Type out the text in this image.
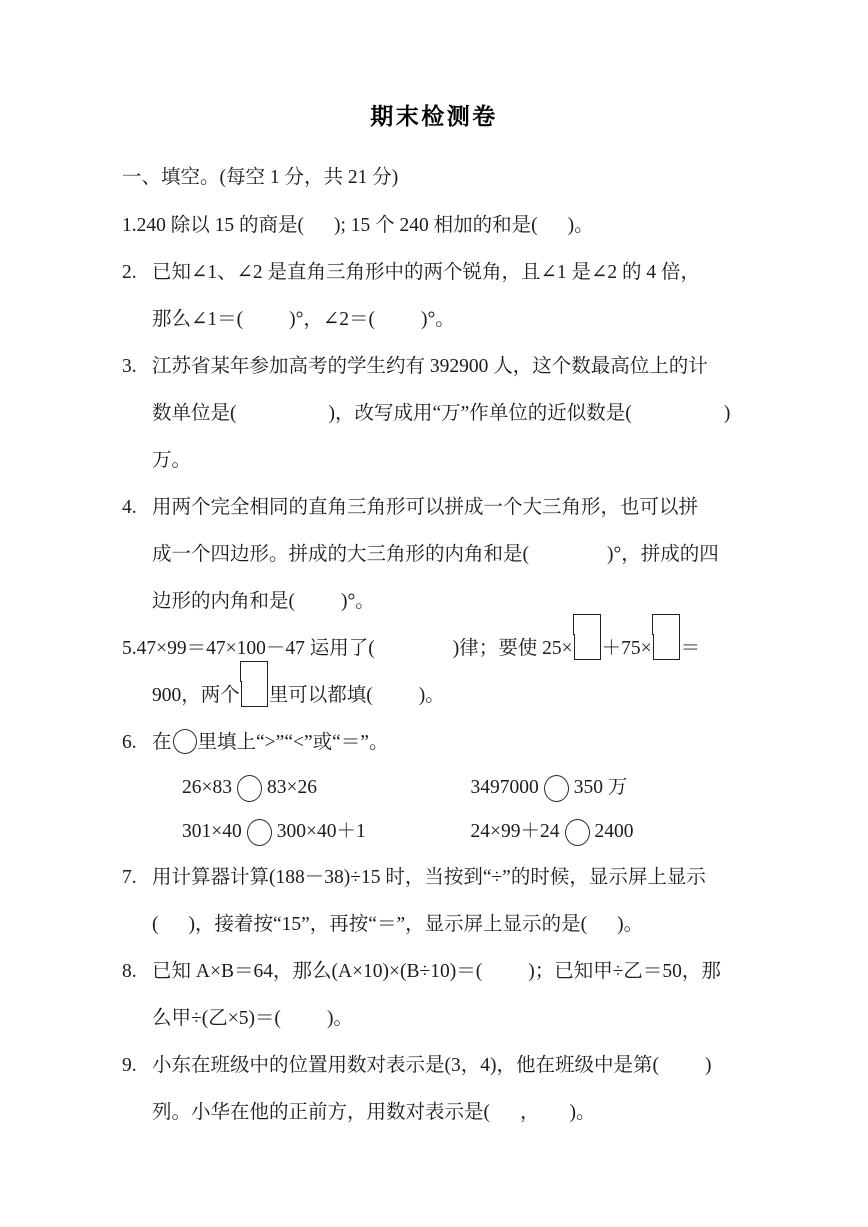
期末检测卷
一、填空。(每空 1 分，共 21 分)
1.240 除以 15 的商是( ); 15 个 240 相加的和是( )。
2. 已知∠1、∠2 是直角三角形中的两个锐角，且∠1 是∠2 的 4 倍，
那么∠1＝( )°，∠2＝( )°。
3. 江苏省某年参加高考的学生约有 392900 人，这个数最高位上的计
数单位是(	)，改写成用“万”作单位的近似数是(	)
万。
4. 用两个完全相同的直角三角形可以拼成一个大三角形，也可以拼
成一个四边形。拼成的大三角形的内角和是(	)°，拼成的四
边形的内角和是( )°。
5.47×99＝47×100－47 运用了(	)律；要使 25× ＋75× ＝
900，两个 里可以都填( )。
6. 在 里填上“>”“<”或“＝”。
26×83 83×26	3497000 350 万
301×40 300×40＋1	24×99＋24 2400
7. 用计算器计算(188－38)÷15 时，当按到“÷”的时候，显示屏上显示
( )，接着按“15”，再按“＝”，显示屏上显示的是( )。
8. 已知 A×B＝64，那么(A×10)×(B÷10)＝( )；已知甲÷乙＝50，那
么甲÷(乙×5)＝( )。
9. 小东在班级中的位置用数对表示是(3，4)，他在班级中是第( )
列。小华在他的正前方，用数对表示是( ， )。
